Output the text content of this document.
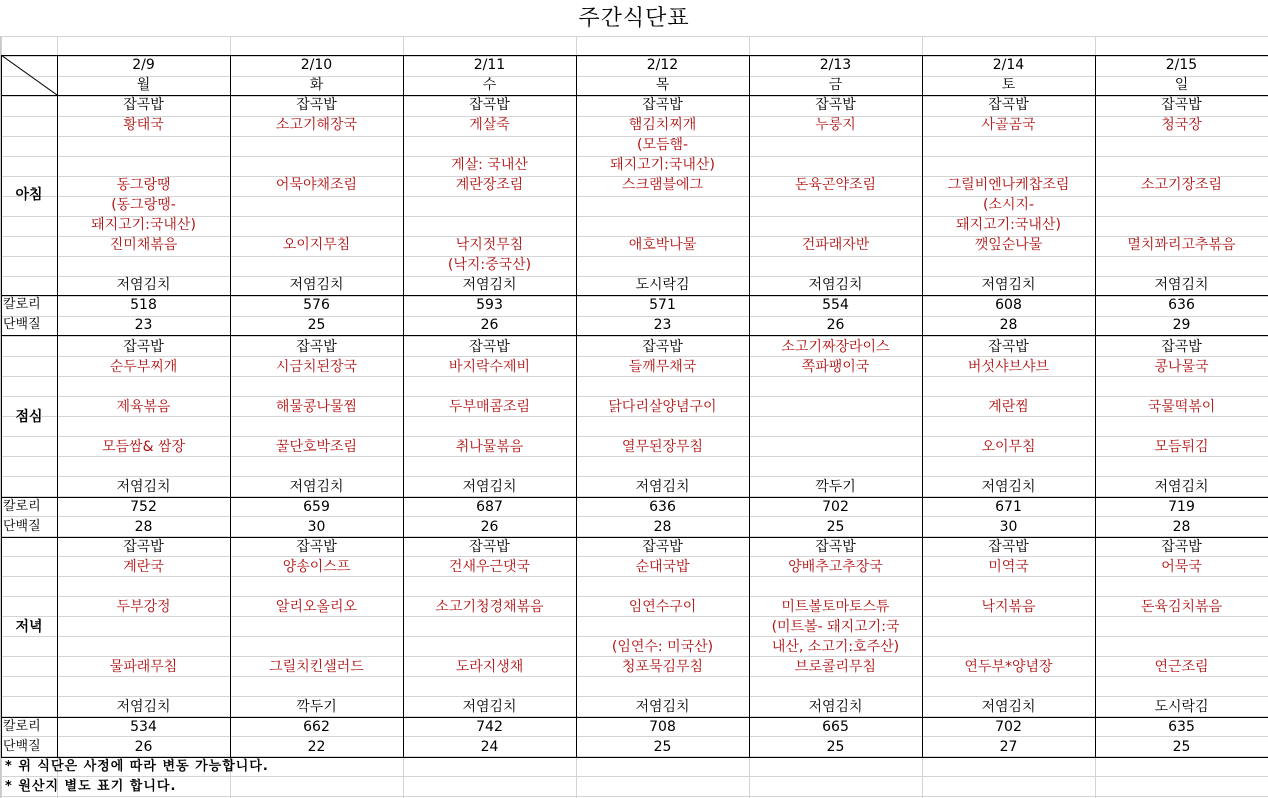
주간식단표
2/9
월
2/10
화
2/11
수
2/12
목
2/13
금
2/14
토
2/15
일
아침
잡곡밥
황태국
동그랑땡
(동그랑땡-
돼지고기:국내산)
진미채볶음
저염김치
잡곡밥
소고기해장국
어묵야채조림
오이지무침
저염김치
잡곡밥
게살죽
게살: 국내산
계란장조림
낙지젓무침
(낙지:중국산)
저염김치
잡곡밥
햄김치찌개
(모듬햄-
돼지고기:국내산)
스크램블에그
애호박나물
도시락김
잡곡밥
누룽지
돈육곤약조림
건파래자반
저염김치
잡곡밥
사골곰국
그릴비엔나케찹조림
(소시지-
돼지고기:국내산)
깻잎순나물
저염김치
잡곡밥
청국장
소고기장조림
멸치꽈리고추볶음
저염김치
칼로리
단백질
518
23
576
25
593
26
571
23
554
26
608
28
636
29
점심
잡곡밥
순두부찌개
제육볶음
모듬쌈& 쌈장
저염김치
잡곡밥
시금치된장국
해물콩나물찜
꿀단호박조림
저염김치
잡곡밥
바지락수제비
두부매콤조림
취나물볶음
저염김치
잡곡밥
들깨무채국
닭다리살양념구이
열무된장무침
저염김치
소고기짜장라이스
쪽파팽이국
깍두기
잡곡밥
버섯샤브샤브
계란찜
오이무침
저염김치
잡곡밥
콩나물국
국물떡볶이
모듬튀김
저염김치
칼로리
단백질
752
28
659
30
687
26
636
28
702
25
671
30
719
28
저녁
잡곡밥
계란국
두부강정
물파래무침
저염김치
잡곡밥
양송이스프
알리오올리오
그릴치킨샐러드
깍두기
잡곡밥
건새우근댓국
소고기청경채볶음
도라지생채
저염김치
잡곡밥
순대국밥
임연수구이
(임연수: 미국산)
청포묵김무침
저염김치
잡곡밥
양배추고추장국
미트볼토마토스튜
(미트볼- 돼지고기:국
내산, 소고기:호주산)
브로콜리무침
저염김치
잡곡밥
미역국
낙지볶음
연두부*양념장
저염김치
잡곡밥
어묵국
돈육김치볶음
연근조림
도시락김
칼로리
단백질
534
26
662
22
742
24
708
25
665
25
702
27
635
25
* 위 식단은 사정에 따라 변동 가능합니다.
* 원산지 별도 표기 합니다.
